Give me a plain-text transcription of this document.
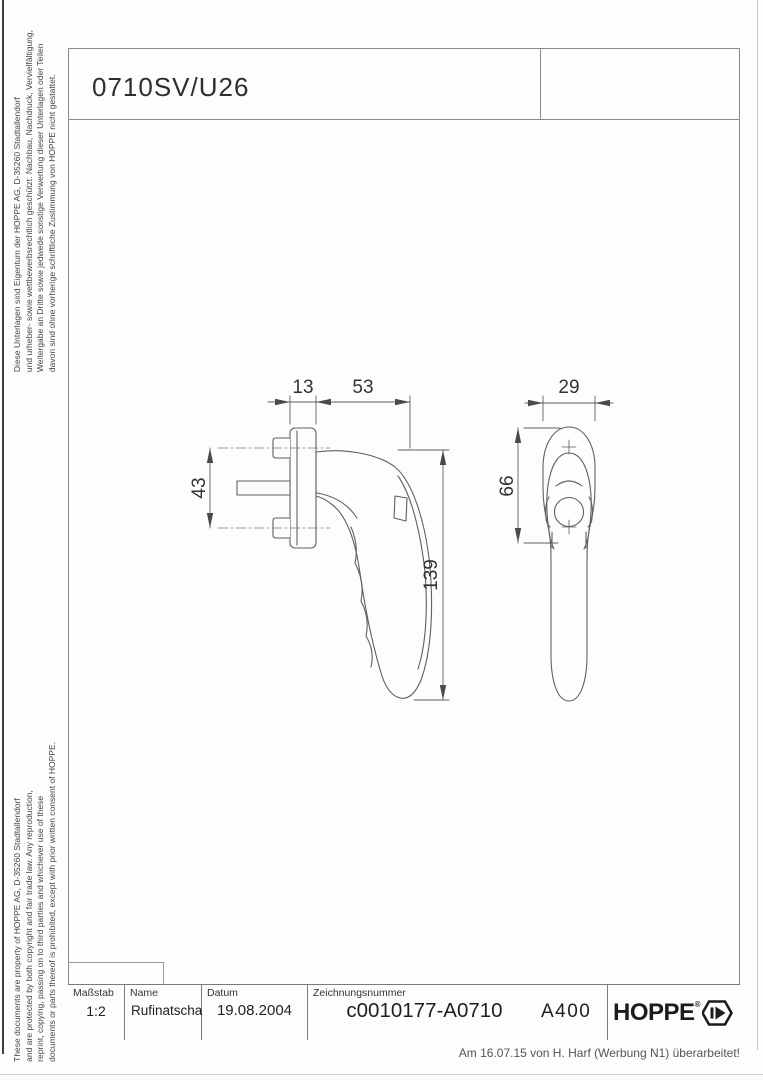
Diese Unterlagen sind Eigentum der HOPPE AG, D-35260 Stadtallendorf und urheber- sowie wettbewerbsrechtlich geschützt. Nachbau, Nachdruck, Vervielfältigung, Weitergabe an Dritte sowie jedwede sonstige Verwertung dieser Unterlagen oder Teilen davon sind ohne vorherige schriftliche Zustimmung von HOPPE nicht gestattet.
These documents are property of HOPPE AG, D-35260 Stadtallendorf and are protected by both copyright and fair trade law. Any reproduction, reprint, copying, passing on to third parties and whichever use of these documents or parts thereof is prohibited, except with prior written consent of HOPPE.
0710SV/U26
13 53
43
139
29
66
Maßstab
1:2
Name
Rufinatscha
Datum
19.08.2004
Zeichnungsnummer
c0010177-A0710	A400 HOPPE ®
Am 16.07.15 von H. Harf (Werbung N1) überarbeitet!
